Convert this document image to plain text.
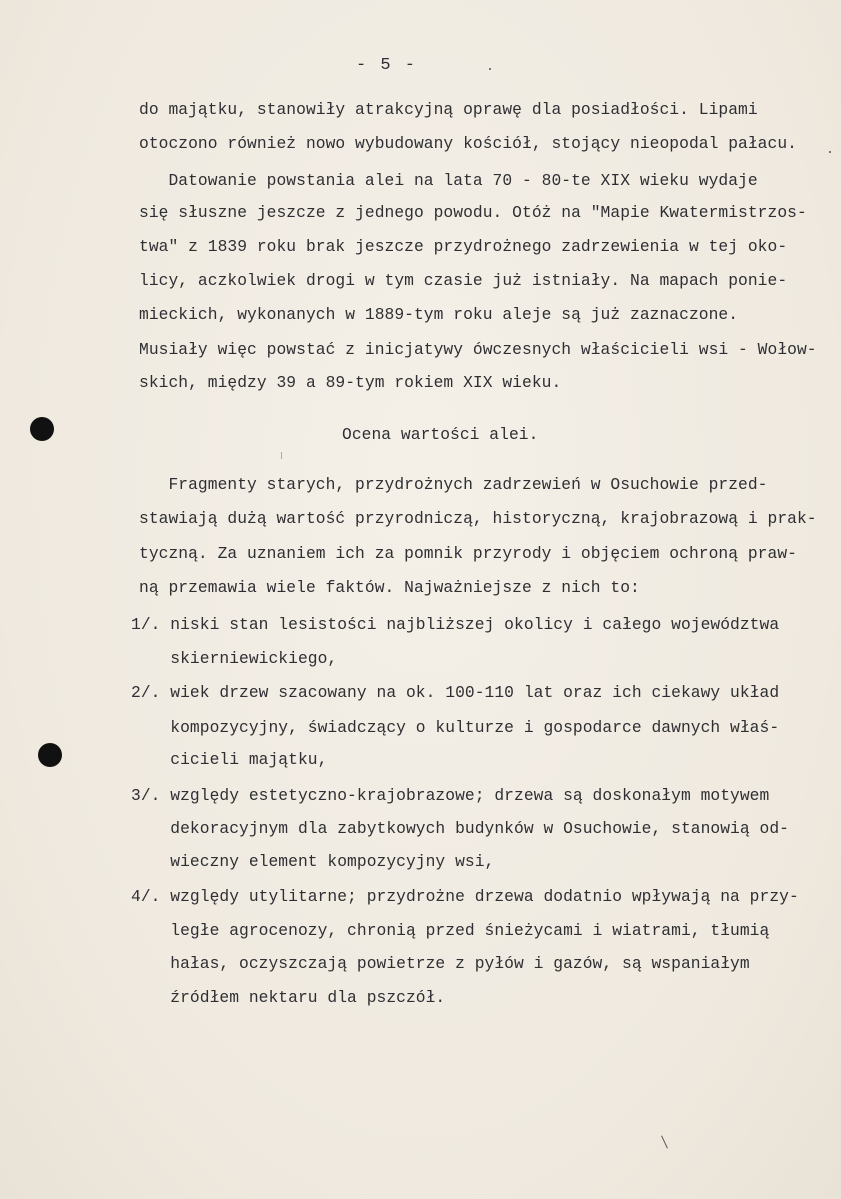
- 5 -
do majątku, stanowiły atrakcyjną oprawę dla posiadłości. Lipami
otoczono również nowo wybudowany kościół, stojący nieopodal pałacu.
Datowanie powstania alei na lata 70 - 80-te XIX wieku wydaje
się słuszne jeszcze z jednego powodu. Otóż na "Mapie Kwatermistrzos-
twa" z 1839 roku brak jeszcze przydrożnego zadrzewienia w tej oko-
licy, aczkolwiek drogi w tym czasie już istniały. Na mapach ponie-
mieckich, wykonanych w 1889-tym roku aleje są już zaznaczone.
Musiały więc powstać z inicjatywy ówczesnych właścicieli wsi - Wołow-
skich, między 39 a 89-tym rokiem XIX wieku.
Ocena wartości alei.
Fragmenty starych, przydrożnych zadrzewień w Osuchowie przed-
stawiają dużą wartość przyrodniczą, historyczną, krajobrazową i prak-
tyczną. Za uznaniem ich za pomnik przyrody i objęciem ochroną praw-
ną przemawia wiele faktów. Najważniejsze z nich to:
1/. niski stan lesistości najbliższej okolicy i całego województwa
skierniewickiego,
2/. wiek drzew szacowany na ok. 100-110 lat oraz ich ciekawy układ
kompozycyjny, świadczący o kulturze i gospodarce dawnych właś-
cicieli majątku,
3/. względy estetyczno-krajobrazowe; drzewa są doskonałym motywem
dekoracyjnym dla zabytkowych budynków w Osuchowie, stanowią od-
wieczny element kompozycyjny wsi,
4/. względy utylitarne; przydrożne drzewa dodatnio wpływają na przy-
ległe agrocenozy, chronią przed śnieżycami i wiatrami, tłumią
hałas, oczyszczają powietrze z pyłów i gazów, są wspaniałym
źródłem nektaru dla pszczół.
